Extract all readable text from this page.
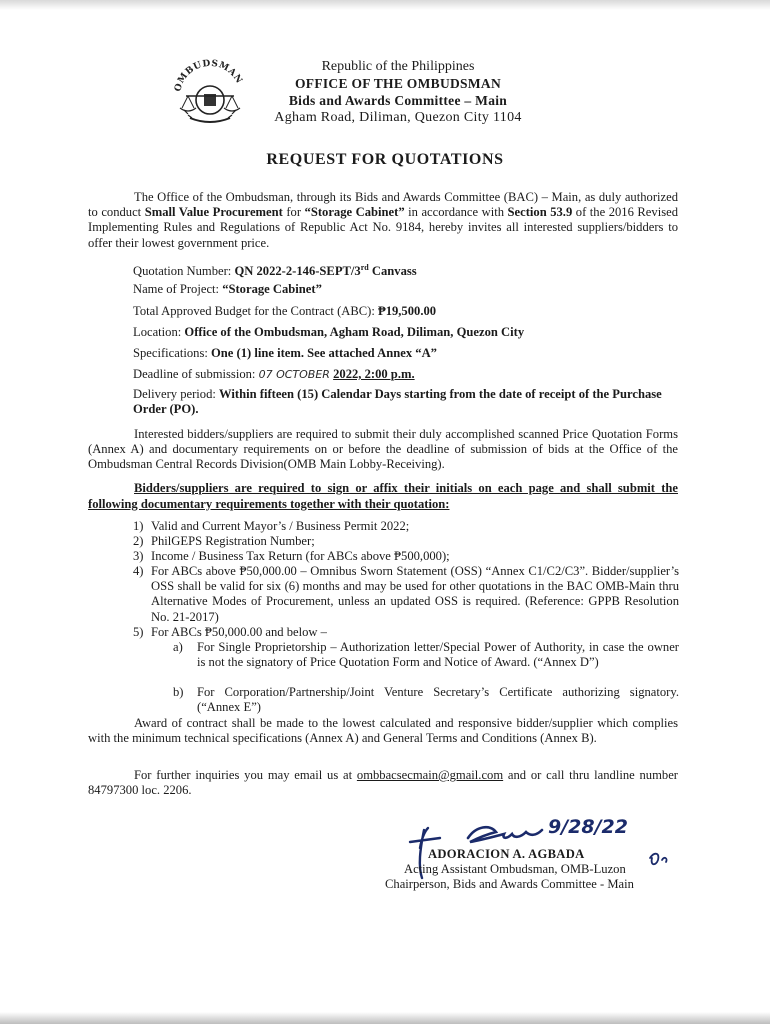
OMBUDSMAN
Republic of the Philippines
OFFICE OF THE OMBUDSMAN
Bids and Awards Committee – Main
Agham Road, Diliman, Quezon City 1104
REQUEST FOR QUOTATIONS

The Office of the Ombudsman, through its Bids and Awards Committee (BAC) – Main, as duly authorized to conduct Small Value Procurement for “Storage Cabinet” in accordance with Section 53.9 of the 2016 Revised Implementing Rules and Regulations of Republic Act No. 9184, hereby invites all interested suppliers/bidders to offer their lowest government price.

Quotation Number: QN 2022-2-146-SEPT/3rd Canvass
Name of Project: “Storage Cabinet”
Total Approved Budget for the Contract (ABC): ₱19,500.00
Location: Office of the Ombudsman, Agham Road, Diliman, Quezon City
Specifications: One (1) line item. See attached Annex “A”
Deadline of submission: 07 OCTOBER 2022, 2:00 p.m.
Delivery period: Within fifteen (15) Calendar Days starting from the date of receipt of the Purchase Order (PO).

Interested bidders/suppliers are required to submit their duly accomplished scanned Price Quotation Forms (Annex A) and documentary requirements on or before the deadline of submission of bids at the Office of the Ombudsman Central Records Division(OMB Main Lobby-Receiving).

Bidders/suppliers are required to sign or affix their initials on each page and shall submit the following documentary requirements together with their quotation:

1) Valid and Current Mayor’s / Business Permit 2022;
2) PhilGEPS Registration Number;
3) Income / Business Tax Return (for ABCs above ₱500,000);
4) For ABCs above ₱50,000.00 – Omnibus Sworn Statement (OSS) “Annex C1/C2/C3”. Bidder/supplier’s OSS shall be valid for six (6) months and may be used for other quotations in the BAC OMB-Main thru Alternative Modes of Procurement, unless an updated OSS is required. (Reference: GPPB Resolution No. 21-2017)
5) For ABCs ₱50,000.00 and below –
a) For Single Proprietorship – Authorization letter/Special Power of Authority, in case the owner is not the signatory of Price Quotation Form and Notice of Award. (“Annex D”)
b) For Corporation/Partnership/Joint Venture Secretary’s Certificate authorizing signatory. (“Annex E”)

Award of contract shall be made to the lowest calculated and responsive bidder/supplier which complies with the minimum technical specifications (Annex A) and General Terms and Conditions (Annex B).

For further inquiries you may email us at ombbacsecmain@gmail.com and or call thru landline number 84797300 loc. 2206.

9/28/22
ADORACION A. AGBADA
Acting Assistant Ombudsman, OMB-Luzon
Chairperson, Bids and Awards Committee - Main
